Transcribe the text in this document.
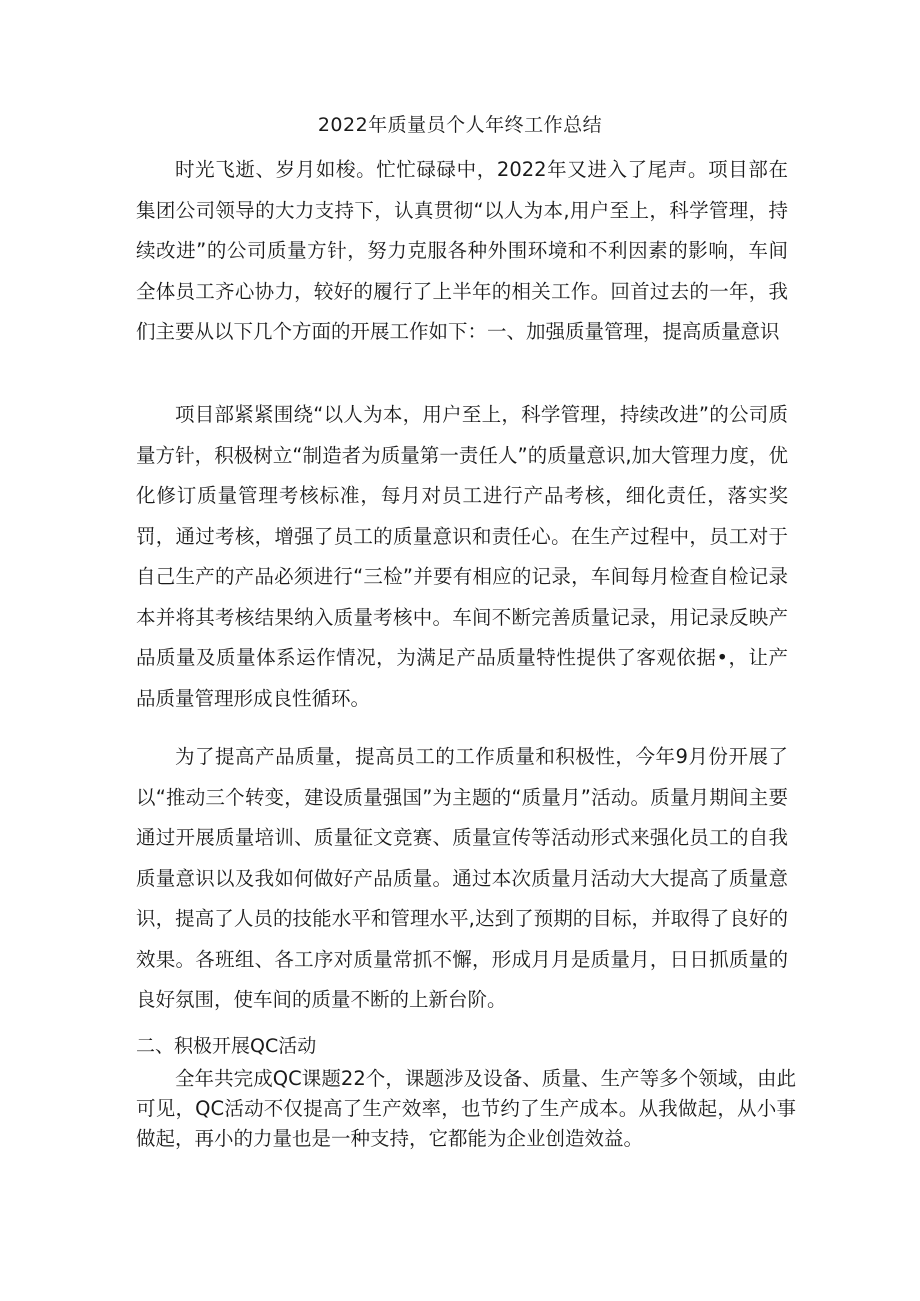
2022年质量员个人年终工作总结

时光飞逝、岁月如梭。忙忙碌碌中，2022年又进入了尾声。项目部在集团公司领导的大力支持下，认真贯彻“以人为本,用户至上，科学管理，持续改进”的公司质量方针，努力克服各种外围环境和不利因素的影响，车间全体员工齐心协力，较好的履行了上半年的相关工作。回首过去的一年，我们主要从以下几个方面的开展工作如下：一、加强质量管理，提高质量意识

项目部紧紧围绕“以人为本，用户至上，科学管理，持续改进”的公司质量方针，积极树立“制造者为质量第一责任人”的质量意识,加大管理力度，优化修订质量管理考核标准，每月对员工进行产品考核，细化责任，落实奖罚，通过考核，增强了员工的质量意识和责任心。在生产过程中，员工对于自己生产的产品必须进行“三检”并要有相应的记录，车间每月检查自检记录本并将其考核结果纳入质量考核中。车间不断完善质量记录，用记录反映产品质量及质量体系运作情况，为满足产品质量特性提供了客观依据•，让产品质量管理形成良性循环。

为了提高产品质量，提高员工的工作质量和积极性，今年9月份开展了以“推动三个转变，建设质量强国”为主题的“质量月”活动。质量月期间主要通过开展质量培训、质量征文竞赛、质量宣传等活动形式来强化员工的自我质量意识以及我如何做好产品质量。通过本次质量月活动大大提高了质量意识，提高了人员的技能水平和管理水平,达到了预期的目标，并取得了良好的效果。各班组、各工序对质量常抓不懈，形成月月是质量月，日日抓质量的良好氛围，使车间的质量不断的上新台阶。

二、积极开展QC活动

全年共完成QC课题22个，课题涉及设备、质量、生产等多个领域，由此可见，QC活动不仅提高了生产效率，也节约了生产成本。从我做起，从小事做起，再小的力量也是一种支持，它都能为企业创造效益。
